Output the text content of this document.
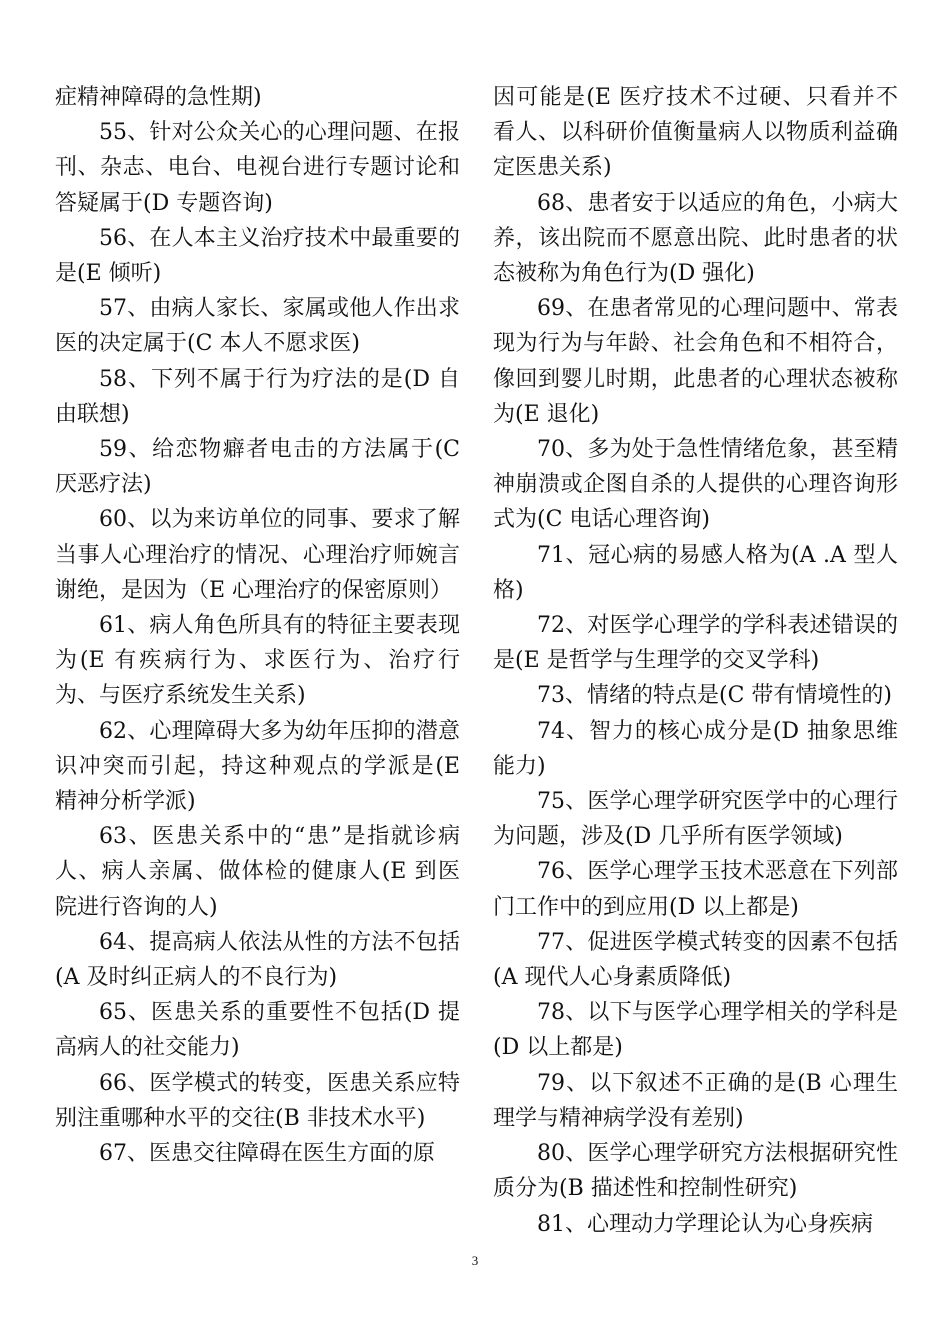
症精神障碍的急性期)

55、针对公众关心的心理问题、在报刊、杂志、电台、电视台进行专题讨论和答疑属于(D 专题咨询)

56、在人本主义治疗技术中最重要的是(E 倾听)

57、由病人家长、家属或他人作出求医的决定属于(C 本人不愿求医)

58、下列不属于行为疗法的是(D 自由联想)

59、给恋物癖者电击的方法属于(C 厌恶疗法)

60、以为来访单位的同事、要求了解当事人心理治疗的情况、心理治疗师婉言谢绝，是因为（E 心理治疗的保密原则）

61、病人角色所具有的特征主要表现为(E 有疾病行为、求医行为、治疗行为、与医疗系统发生关系)

62、心理障碍大多为幼年压抑的潜意识冲突而引起，持这种观点的学派是(E 精神分析学派)

63、医患关系中的“患”是指就诊病人、病人亲属、做体检的健康人(E 到医院进行咨询的人)

64、提高病人依法从性的方法不包括(A 及时纠正病人的不良行为)

65、医患关系的重要性不包括(D 提高病人的社交能力)

66、医学模式的转变，医患关系应特别注重哪种水平的交往(B 非技术水平)

67、医患交往障碍在医生方面的原

因可能是(E 医疗技术不过硬、只看并不看人、以科研价值衡量病人以物质利益确定医患关系)

68、患者安于以适应的角色，小病大养，该出院而不愿意出院、此时患者的状态被称为角色行为(D 强化)

69、在患者常见的心理问题中、常表现为行为与年龄、社会角色和不相符合，像回到婴儿时期，此患者的心理状态被称为(E 退化)

70、多为处于急性情绪危象，甚至精神崩溃或企图自杀的人提供的心理咨询形式为(C 电话心理咨询)

71、冠心病的易感人格为(A .A 型人格)

72、对医学心理学的学科表述错误的是(E 是哲学与生理学的交叉学科)

73、情绪的特点是(C 带有情境性的)

74、智力的核心成分是(D 抽象思维能力)

75、医学心理学研究医学中的心理行为问题，涉及(D 几乎所有医学领域)

76、医学心理学玉技术恶意在下列部门工作中的到应用(D 以上都是)

77、促进医学模式转变的因素不包括(A 现代人心身素质降低)

78、以下与医学心理学相关的学科是(D 以上都是)

79、以下叙述不正确的是(B 心理生理学与精神病学没有差别)

80、医学心理学研究方法根据研究性质分为(B 描述性和控制性研究)

81、心理动力学理论认为心身疾病

3
